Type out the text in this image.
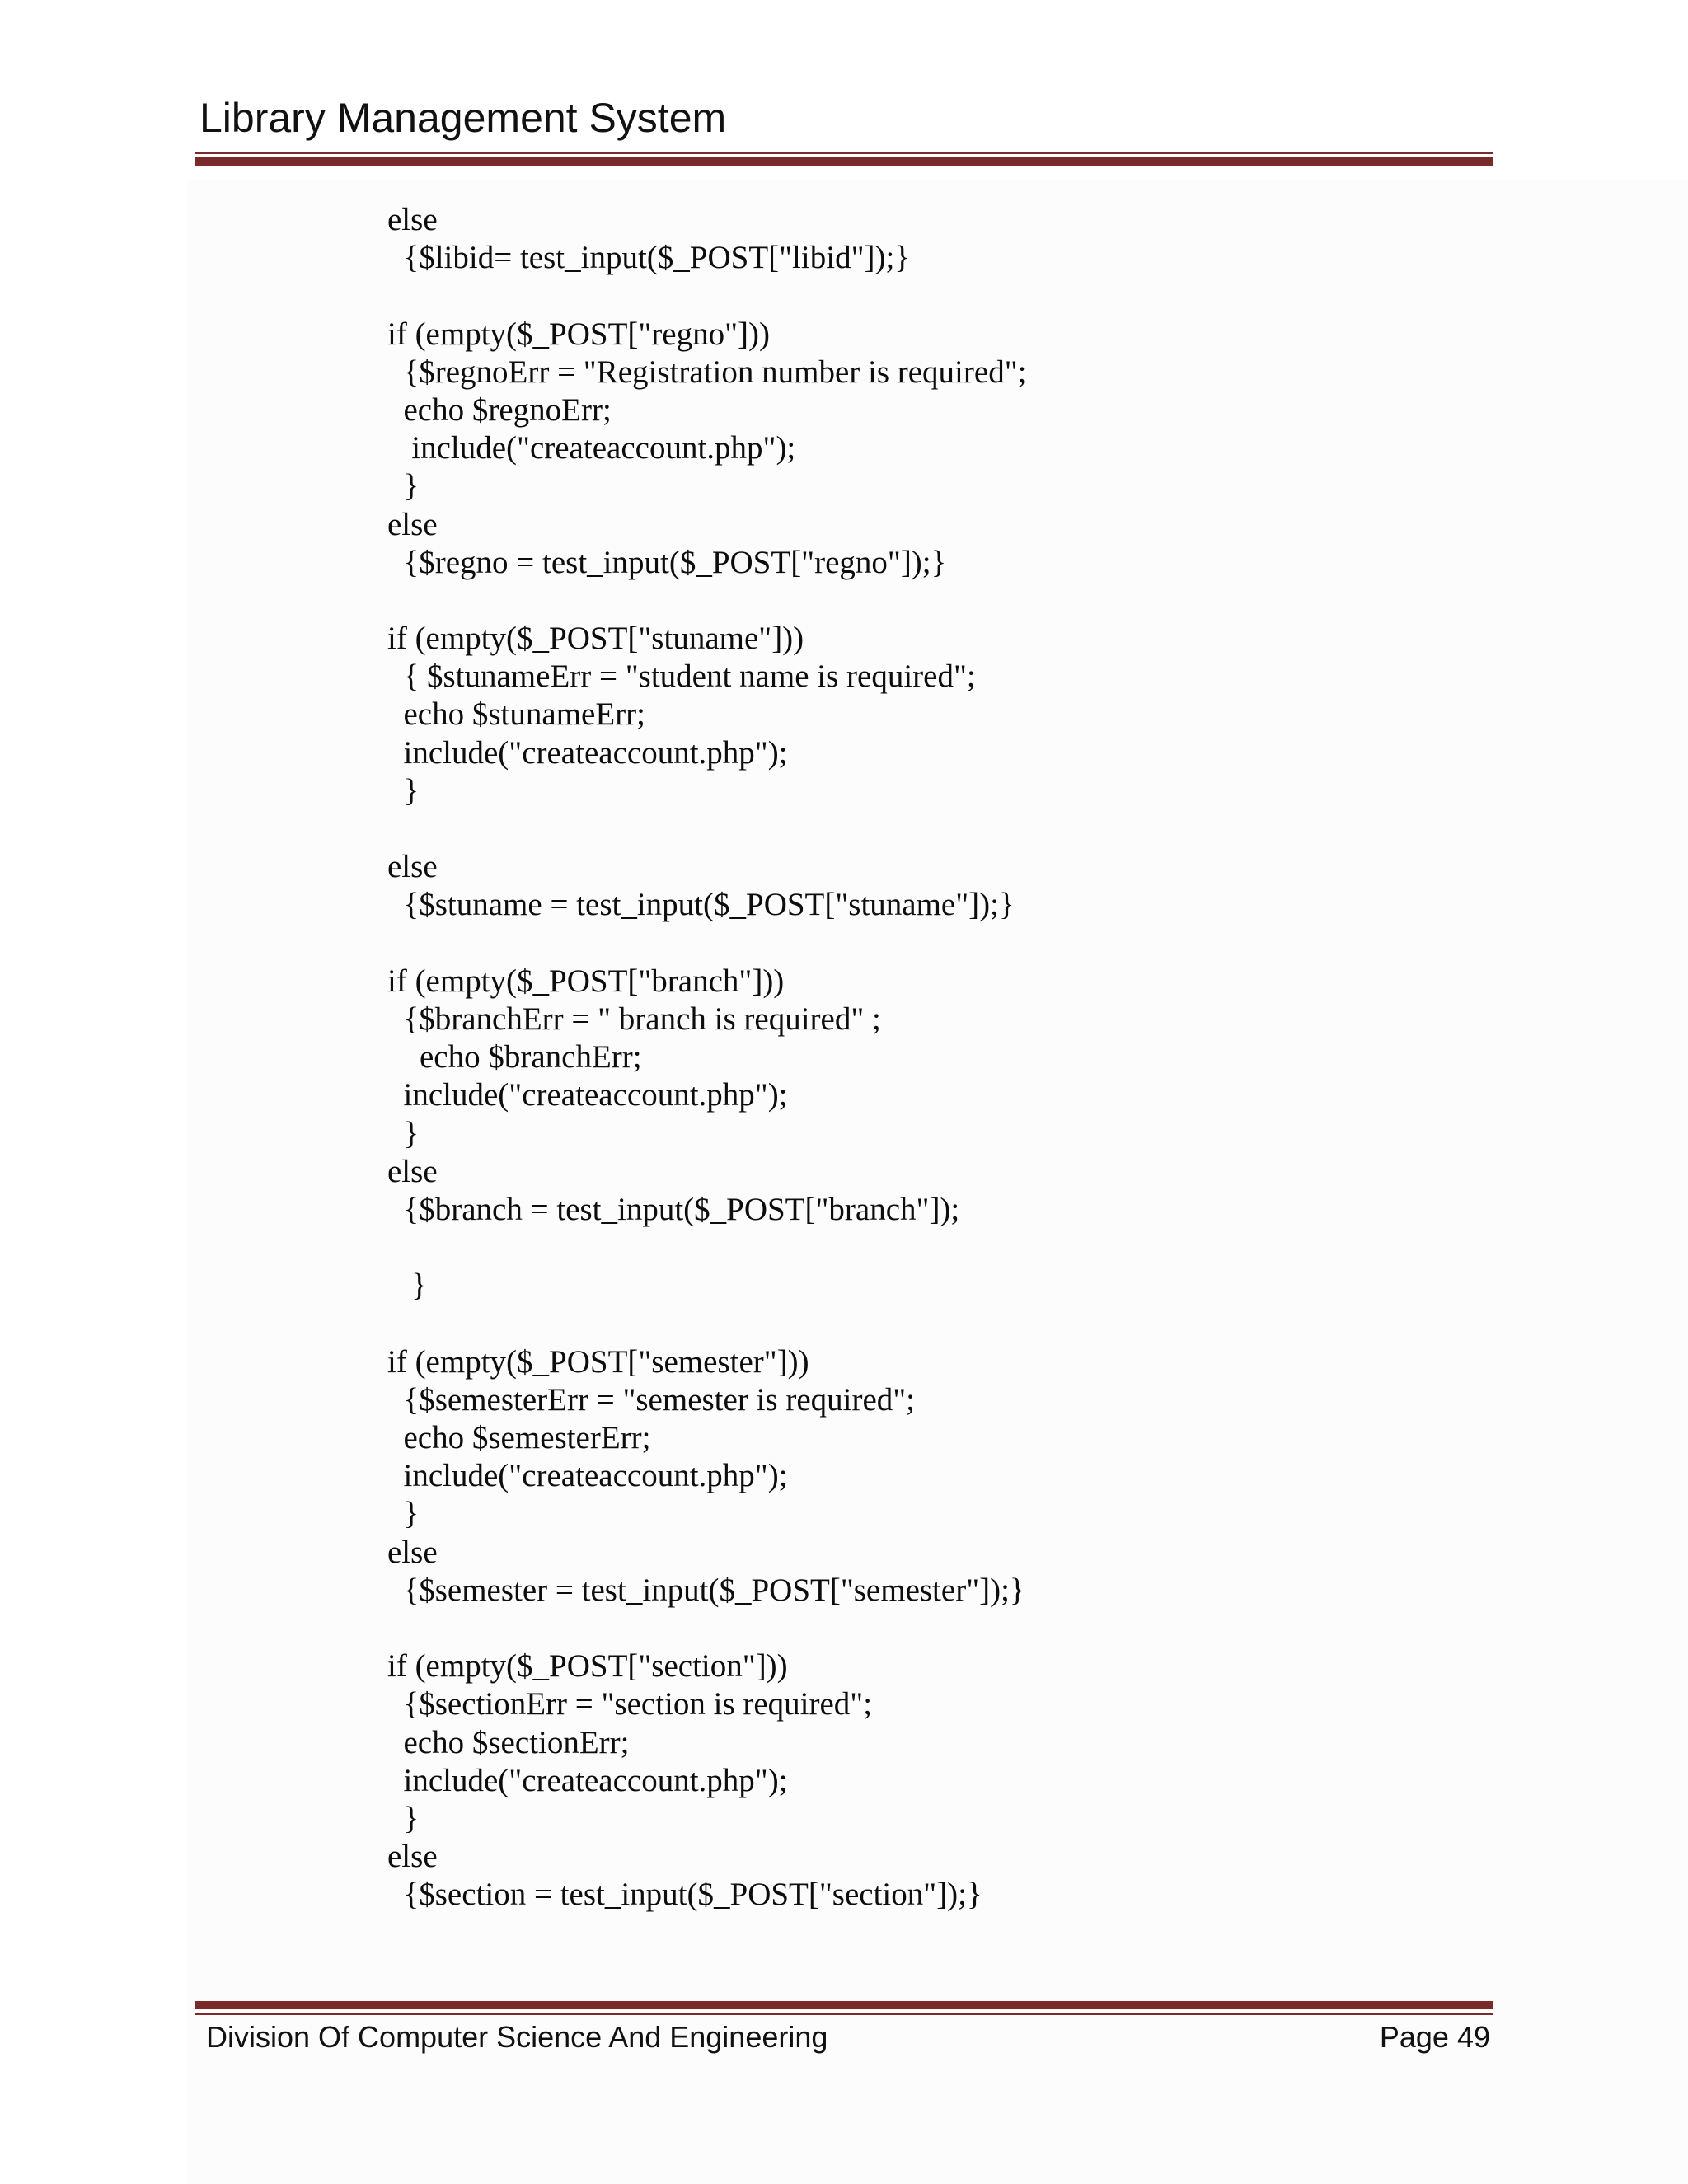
Library Management System
else
{$libid= test_input($_POST["libid"]);}
if (empty($_POST["regno"]))
{$regnoErr = "Registration number is required";
echo $regnoErr;
include("createaccount.php");
}
else
{$regno = test_input($_POST["regno"]);}
if (empty($_POST["stuname"]))
{ $stunameErr = "student name is required";
echo $stunameErr;
include("createaccount.php");
}
else
{$stuname = test_input($_POST["stuname"]);}
if (empty($_POST["branch"]))
{$branchErr = " branch is required" ;
echo $branchErr;
include("createaccount.php");
}
else
{$branch = test_input($_POST["branch"]);
}
if (empty($_POST["semester"]))
{$semesterErr = "semester is required";
echo $semesterErr;
include("createaccount.php");
}
else
{$semester = test_input($_POST["semester"]);}
if (empty($_POST["section"]))
{$sectionErr = "section is required";
echo $sectionErr;
include("createaccount.php");
}
else
{$section = test_input($_POST["section"]);}
Division Of Computer Science And Engineering	Page 49
